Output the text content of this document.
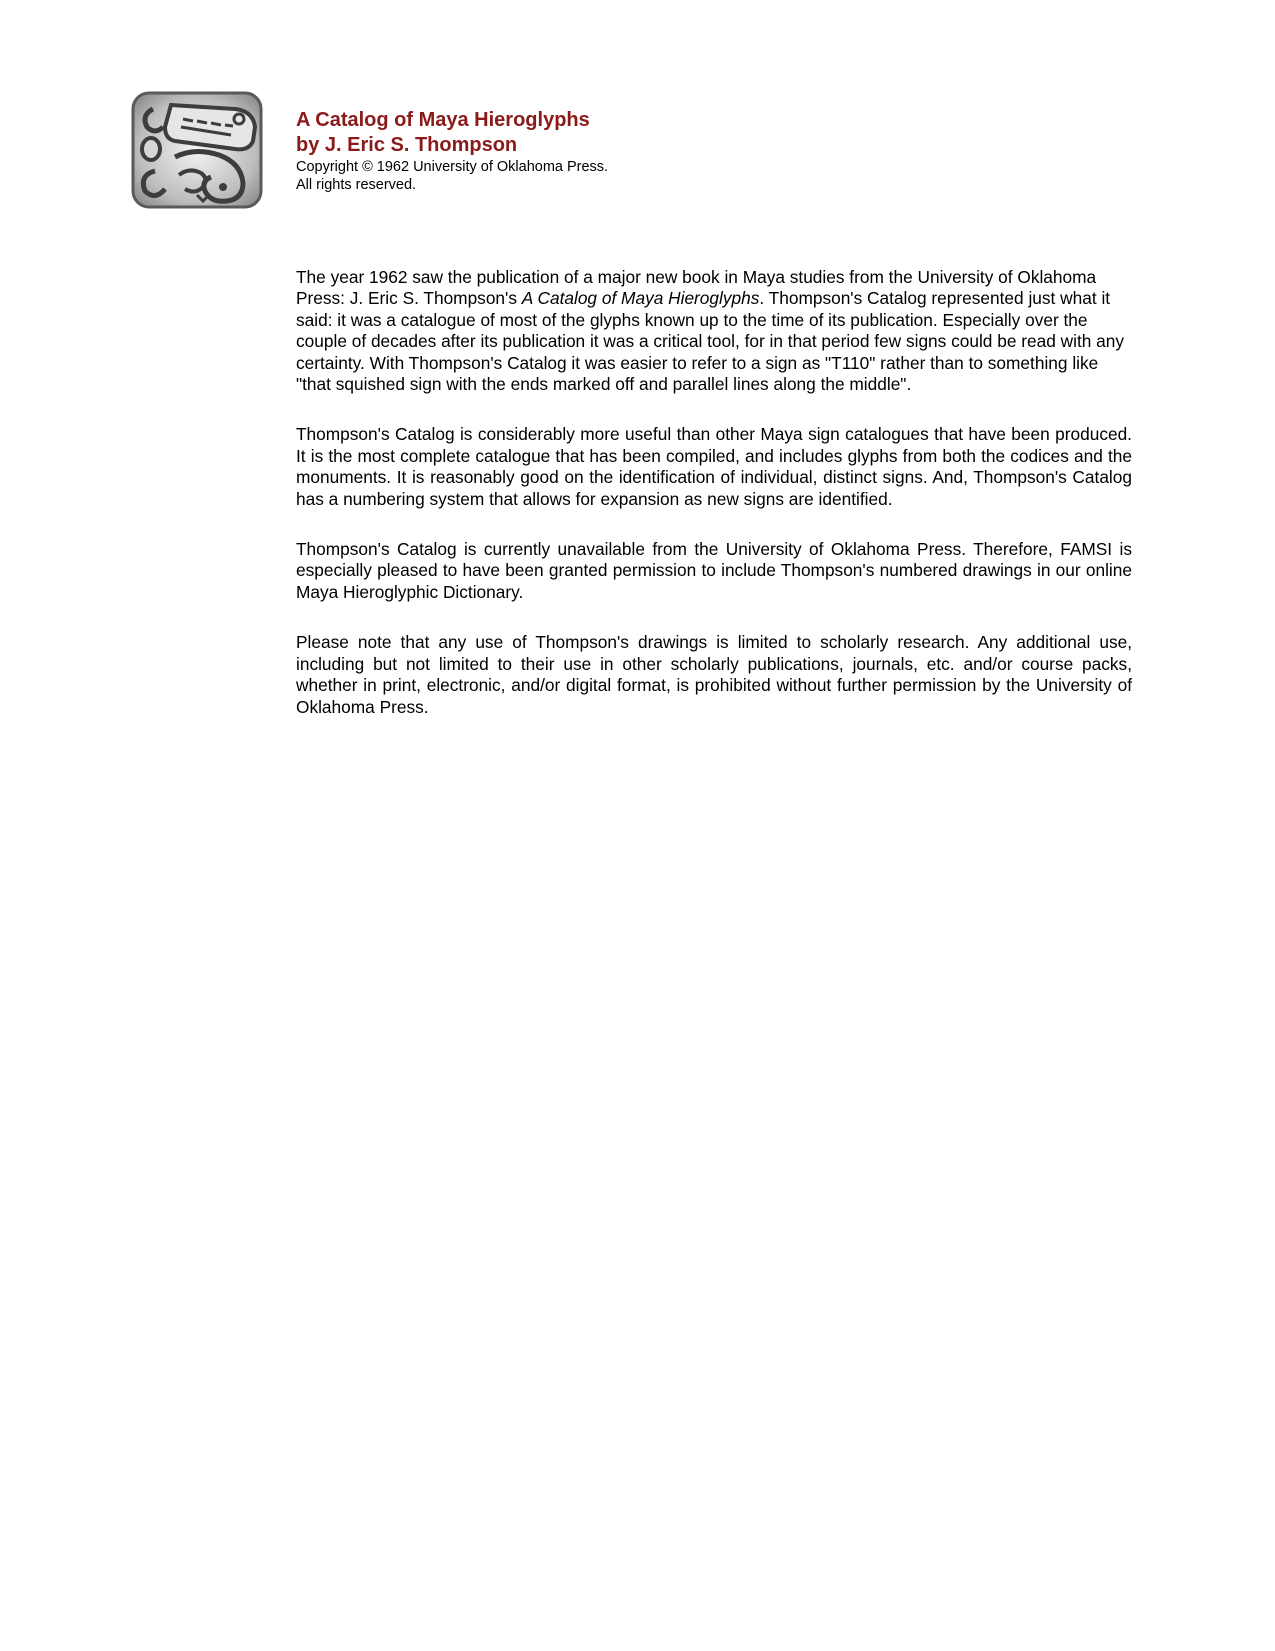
A Catalog of Maya Hieroglyphs

by J. Eric S. Thompson

Copyright © 1962 University of Oklahoma Press.

All rights reserved.

The year 1962 saw the publication of a major new book in Maya studies from the University of Oklahoma Press: J. Eric S. Thompson's A Catalog of Maya Hieroglyphs. Thompson's Catalog represented just what it said: it was a catalogue of most of the glyphs known up to the time of its publication. Especially over the couple of decades after its publication it was a critical tool, for in that period few signs could be read with any certainty. With Thompson's Catalog it was easier to refer to a sign as "T110" rather than to something like "that squished sign with the ends marked off and parallel lines along the middle".

Thompson's Catalog is considerably more useful than other Maya sign catalogues that have been produced. It is the most complete catalogue that has been compiled, and includes glyphs from both the codices and the monuments. It is reasonably good on the identification of individual, distinct signs. And, Thompson's Catalog has a numbering system that allows for expansion as new signs are identified.

Thompson's Catalog is currently unavailable from the University of Oklahoma Press. Therefore, FAMSI is especially pleased to have been granted permission to include Thompson's numbered drawings in our online Maya Hieroglyphic Dictionary.

Please note that any use of Thompson's drawings is limited to scholarly research. Any additional use, including but not limited to their use in other scholarly publications, journals, etc. and/or course packs, whether in print, electronic, and/or digital format, is prohibited without further permission by the University of Oklahoma Press.
